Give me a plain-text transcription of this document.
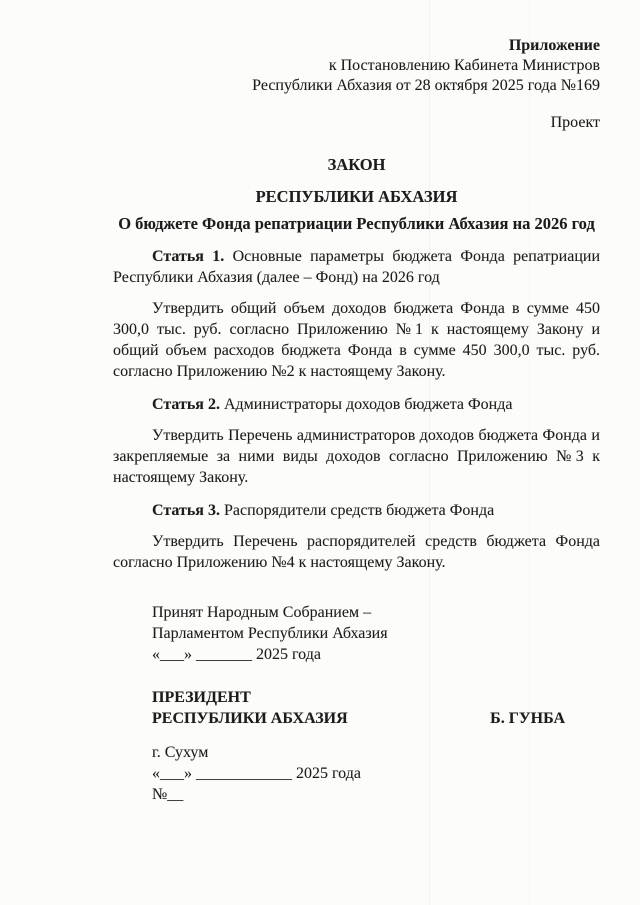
Приложение
к Постановлению Кабинета Министров
Республики Абхазия от 28 октября 2025 года №169
Проект
ЗАКОН
РЕСПУБЛИКИ АБХАЗИЯ
О бюджете Фонда репатриации Республики Абхазия на 2026 год

Статья 1. Основные параметры бюджета Фонда репатриации Республики Абхазия (далее – Фонд) на 2026 год

Утвердить общий объем доходов бюджета Фонда в сумме 450 300,0 тыс. руб. согласно Приложению №1 к настоящему Закону и общий объем расходов бюджета Фонда в сумме 450 300,0 тыс. руб. согласно Приложению №2 к настоящему Закону.

Статья 2. Администраторы доходов бюджета Фонда

Утвердить Перечень администраторов доходов бюджета Фонда и закрепляемые за ними виды доходов согласно Приложению №3 к настоящему Закону.

Статья 3. Распорядители средств бюджета Фонда

Утвердить Перечень распорядителей средств бюджета Фонда согласно Приложению №4 к настоящему Закону.

Принят Народным Собранием –
Парламентом Республики Абхазия
«___» _______ 2025 года
ПРЕЗИДЕНТ
РЕСПУБЛИКИ АБХАЗИЯ	Б. ГУНБА
г. Сухум
«___» ____________ 2025 года
№__
